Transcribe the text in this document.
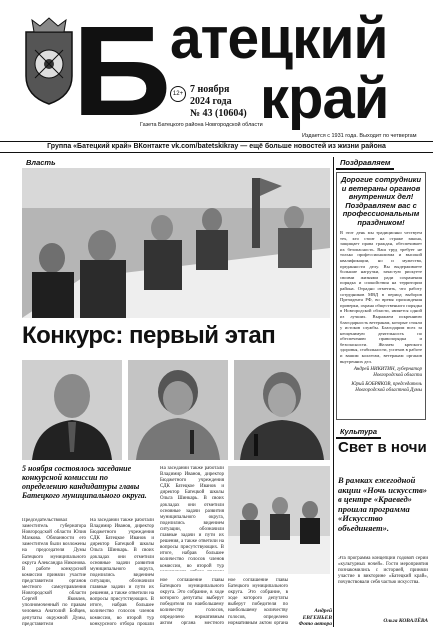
Б атецкий
край
12+ 7 ноября
2024 года
№ 43 (10604)
Газета Батецкого района Новгородской области
Издается с 1931 года. Выходит по четвергам
Группа «Батецкий край» ВКонтакте vk.com/batetskikray — ещё больше новостей из жизни района
Власть	Поздравляем
Культура
Конкурс: первый этап
5 ноября состоялось заседание конкурсной комиссии по определению кандидатуры главы Батецкого муниципального округа.
Председательствовал заместитель губернатора Новгородской области Юлия Мазкова. Обязанности его заместителя были возложены на председателя Думы Батецкого муниципального округа Александра Никонова. В работе конкурсной комиссии приняли участие представители органов местного самоуправления Новгородской области Сергей Яковлев, уполномоченный по правам человека Анатолий Бойцев, депутаты окружной Думы, представители
На заседании также работали Владимир Иванов, директор Бюджетного учреждения СДК Батецкое Иванов и директор Батецкой школы Ольга Шинкарь. В своих докладах они отметили основные задачи развития муниципального округа, поделились видением ситуации, обозначили главные задачи и пути их решения, а также ответили на вопросы присутствующих. В итоге, набрав большее количество голосов членов комиссии, во второй тур конкурсного отбора прошли
На заседании также работали Владимир Иванов, директор Бюджетного учреждения СДК Батецкое Иванов и директор Батецкой школы Ольга Шинкарь. В своих докладах они отметили основные задачи развития муниципального округа, поделились видением ситуации, обозначили главные задачи и пути их решения, а также ответили на вопросы присутствующих. В итоге, набрав большее количество голосов членов комиссии, во второй тур
ное соглашение главы Батецкого муниципального округа. Это собрание, в ходе которого депутаты выберут победителя по наибольшему количеству голосов, определено нормативным актом органа местного
ное соглашение главы Батецкого муниципального округа. Это собрание, в ходе которого депутаты выберут победителя по наибольшему количеству голосов, определено нормативным актом органа
Андрей ЕВГЕНЬЕВ
Фото автора
Дорогие сотрудники и ветераны органов внутренних дел! Поздравляем вас с профессиональным праздником!
В этот день мы традиционно чествуем тех, кто стоит на страже закона, защищает права граждан, обеспечивает их безопасность. Ваш труд требует не только профессионализма и высокой квалификации, но и мужества, преданности делу. Вы выдерживаете большие нагрузки, зачастую рискуете своими жизнями ради сохранения порядка и спокойствия на территории района. Отрадно отметить, что работу сотрудников МВД в период выборов Президента РФ, во время прохождения проверки, охрана общественного порядка в Новгородской области, является одной из лучших. Выражаем искреннюю благодарность ветеранам, которые стояли у истоков службы. Благодарим всех за неоценимую деятельность по обеспечению правопорядка и безопасности. Желаем крепкого здоровья, стабильности, успехов в работе и вашим коллегам, ветеранам органов внутренних дел.
Андрей НИКИТИН, губернатор Новгородской области
Юрий БОБРЯКОВ, председатель Новгородской областной Думы
Свет в ночи
В рамках ежегодной акции «Ночь искусств» в центре «Краевед» прошла программа «Искусство объединяет».
Эта программа концепции годовой серии «культурных ночей». Гости мероприятия познакомились с историей, приняли участие в викторине «Батецкий край», почувствовали себя частью искусства.
Ольга КОВАЛЁВА
